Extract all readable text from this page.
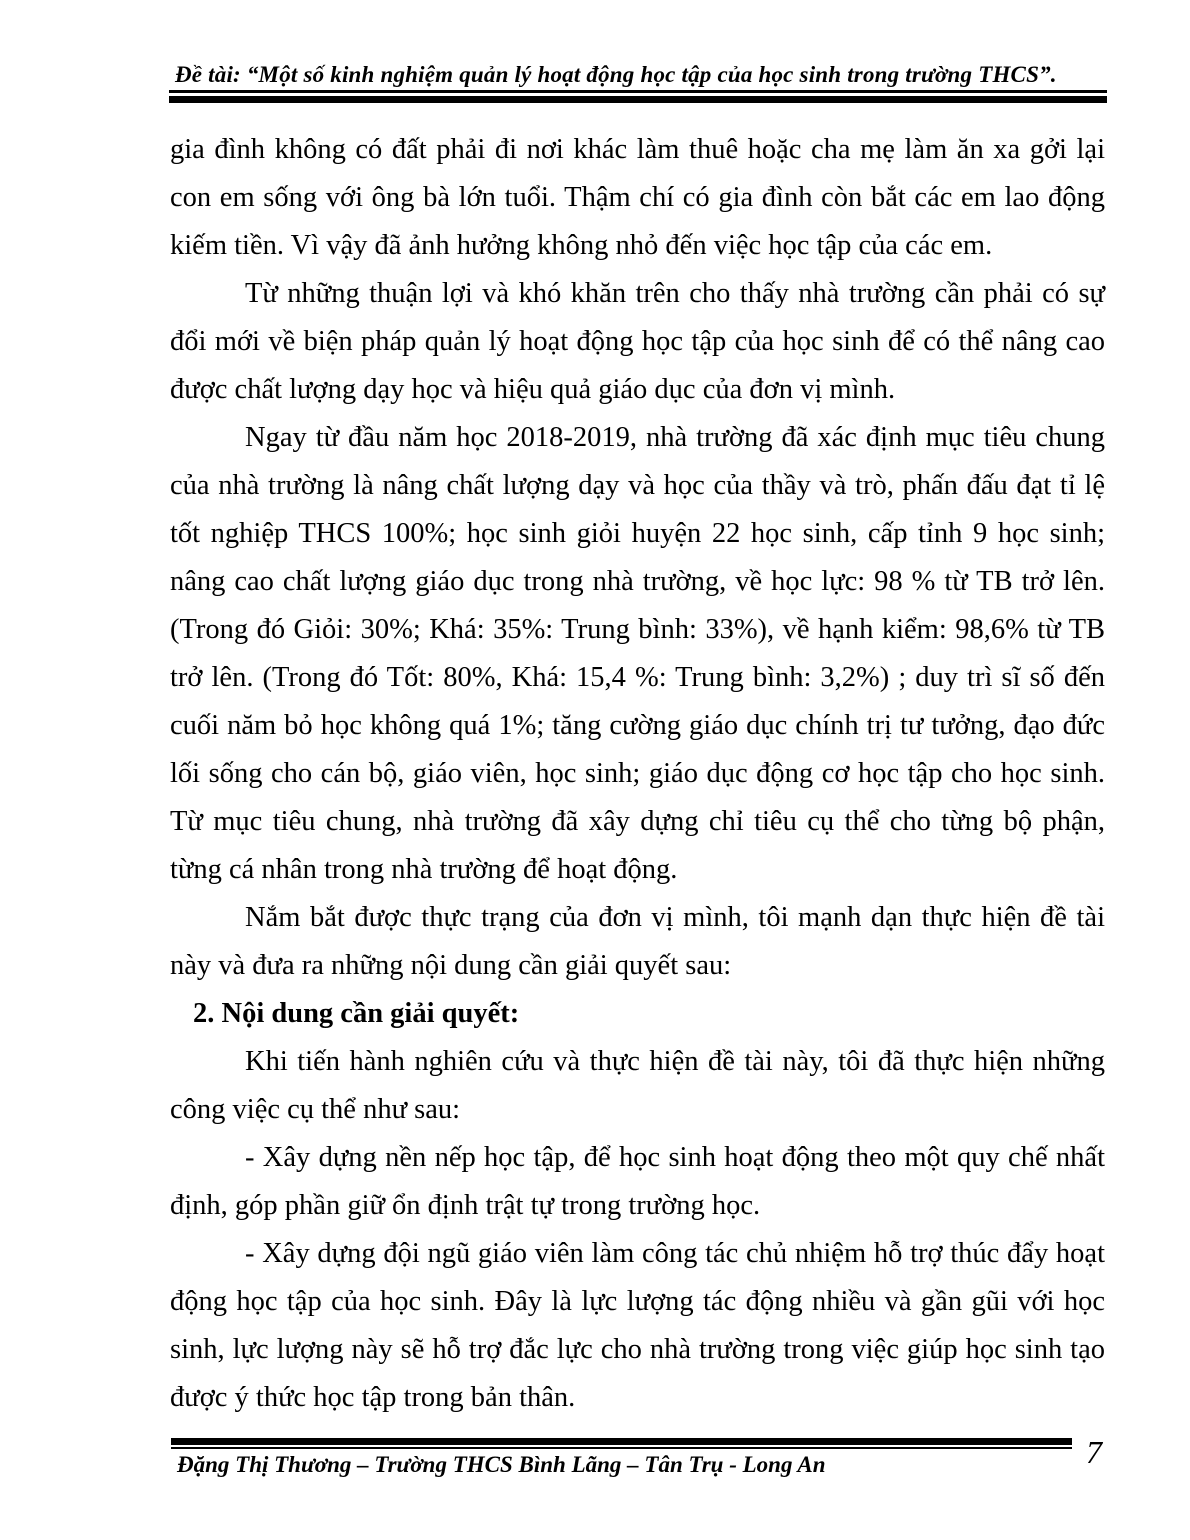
Đề tài: “Một số kinh nghiệm quản lý hoạt động học tập của học sinh trong trường THCS”.

gia đình không có đất phải đi nơi khác làm thuê hoặc cha mẹ làm ăn xa gởi lại con em sống với ông bà lớn tuổi. Thậm chí có gia đình còn bắt các em lao động kiếm tiền. Vì vậy đã ảnh hưởng không nhỏ đến việc học tập của các em.

Từ những thuận lợi và khó khăn trên cho thấy nhà trường cần phải có sự đổi mới về biện pháp quản lý hoạt động học tập của học sinh để có thể nâng cao được chất lượng dạy học và hiệu quả giáo dục của đơn vị mình.

Ngay từ đầu năm học 2018-2019, nhà trường đã xác định mục tiêu chung của nhà trường là nâng chất lượng dạy và học của thầy và trò, phấn đấu đạt tỉ lệ tốt nghiệp THCS 100%; học sinh giỏi huyện 22 học sinh, cấp tỉnh 9 học sinh; nâng cao chất lượng giáo dục trong nhà trường, về học lực: 98 % từ TB trở lên. (Trong đó Giỏi: 30%; Khá: 35%: Trung bình: 33%), về hạnh kiểm: 98,6% từ TB trở lên. (Trong đó Tốt: 80%, Khá: 15,4 %: Trung bình: 3,2%) ; duy trì sĩ số đến cuối năm bỏ học không quá 1%; tăng cường giáo dục chính trị tư tưởng, đạo đức lối sống cho cán bộ, giáo viên, học sinh; giáo dục động cơ học tập cho học sinh. Từ mục tiêu chung, nhà trường đã xây dựng chỉ tiêu cụ thể cho từng bộ phận, từng cá nhân trong nhà trường để hoạt động.

Nắm bắt được thực trạng của đơn vị mình, tôi mạnh dạn thực hiện đề tài này và đưa ra những nội dung cần giải quyết sau:

2. Nội dung cần giải quyết:

Khi tiến hành nghiên cứu và thực hiện đề tài này, tôi đã thực hiện những công việc cụ thể như sau:

- Xây dựng nền nếp học tập, để học sinh hoạt động theo một quy chế nhất định, góp phần giữ ổn định trật tự trong trường học.

- Xây dựng đội ngũ giáo viên làm công tác chủ nhiệm hỗ trợ thúc đẩy hoạt động học tập của học sinh. Đây là lực lượng tác động nhiều và gần gũi với học sinh, lực lượng này sẽ hỗ trợ đắc lực cho nhà trường trong việc giúp học sinh tạo được ý thức học tập trong bản thân.

Đặng Thị Thương – Trường THCS Bình Lãng – Tân Trụ - Long An	7
